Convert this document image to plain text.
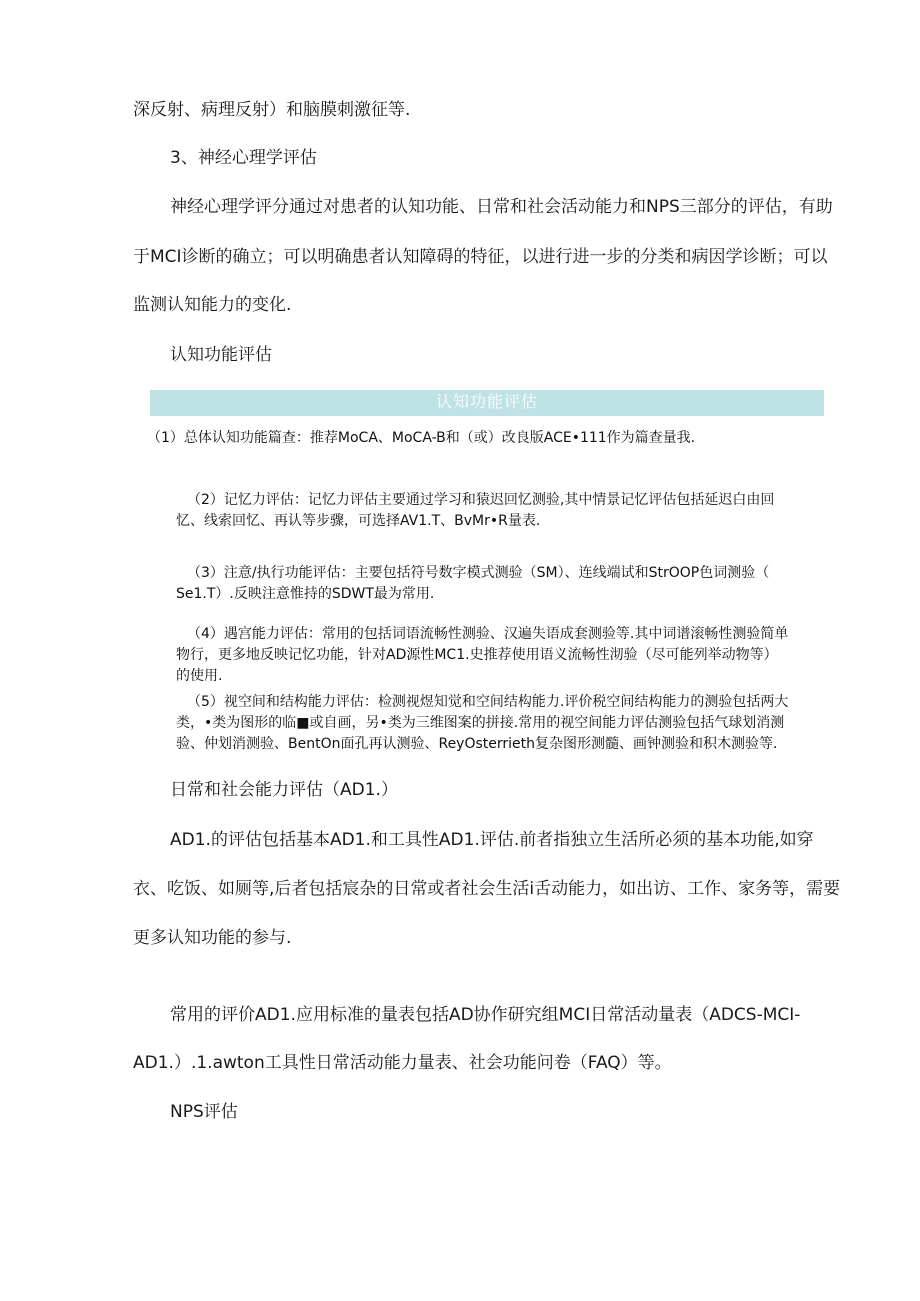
深反射、病理反射）和脑膜刺激征等.

3、神经心理学评估

神经心理学评分通过对患者的认知功能、日常和社会活动能力和NPS三部分的评估，有助

于MCI诊断的确立；可以明确患者认知障碍的特征，以进行进一步的分类和病因学诊断；可以

监测认知能力的变化.

认知功能评估

认知功能评估

（1）总体认知功能篇查：推荐MoCA、MoCA-B和（或）改良版ACE•111作为篇查量我.

（2）记忆力评估：记忆力评估主要通过学习和猿迟回忆测验,其中情景记忆评估包括延迟白由回

忆、线索回忆、再认等步骤，可选择AV1.T、BvMr•R量表.

（3）注意/执行功能评估：主要包括符号数字模式测验（SM）、连线端试和StrOOP色词测验（

Se1.T）.反映注意惟持的SDWT最为常用.

（4）遇宫能力评估：常用的包括词语流畅性测验、汉遍失语成套测验等.其中词谱滚畅性测验简单

物行，更多地反映记忆功能，针对AD源性MC1.史推荐使用语义流畅性沏验（尽可能列举动物等）

的使用.

（5）视空间和结构能力评估：检测视煜知觉和空间结构能力.评价税空间结构能力的测验包括两大

类，•类为图形的临■或自画，另•类为三维图案的拼接.常用的视空间能力评估测验包括气球划消测

验、仲划消测验、BentOn面孔再认测验、ReyOsterrieth复杂图形测髓、画钟测验和积木测验等.

日常和社会能力评估（AD1.）

AD1.的评估包括基本AD1.和工具性AD1.评估.前者指独立生活所必须的基本功能,如穿

衣、吃饭、如厕等,后者包括宸杂的日常或者社会生活i舌动能力，如出访、工作、家务等，需要

更多认知功能的参与.

常用的评价AD1.应用标准的量表包括AD协作研究组MCI日常活动量表（ADCS-MCI-

AD1.）.1.awton工具性日常活动能力量表、社会功能问卷（FAQ）等。

NPS评估
